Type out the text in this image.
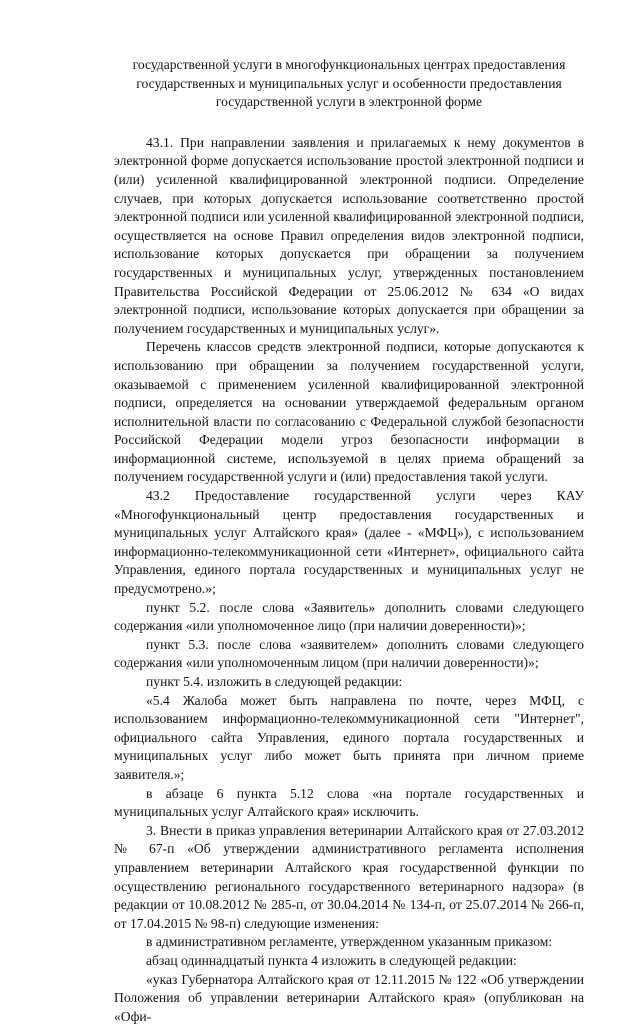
государственной услуги в многофункциональных центрах предоставления
государственных и муниципальных услуг и особенности предоставления
государственной услуги в электронной форме

43.1. При направлении заявления и прилагаемых к нему документов в электронной форме допускается использование простой электронной подписи и (или) усиленной квалифицированной электронной подписи. Определение случаев, при которых допускается использование соответственно простой электронной подписи или усиленной квалифицированной электронной подписи, осуществляется на основе Правил определения видов электронной подписи, использование которых допускается при обращении за получением государственных и муниципальных услуг, утвержденных постановлением Правительства Российской Федерации от 25.06.2012 № 634 «О видах электронной подписи, использование которых допускается при обращении за получением государственных и муниципальных услуг».

Перечень классов средств электронной подписи, которые допускаются к использованию при обращении за получением государственной услуги, оказываемой с применением усиленной квалифицированной электронной подписи, определяется на основании утверждаемой федеральным органом исполнительной власти по согласованию с Федеральной службой безопасности Российской Федерации модели угроз безопасности информации в информационной системе, используемой в целях приема обращений за получением государственной услуги и (или) предоставления такой услуги.

43.2 Предоставление государственной услуги через КАУ «Многофункциональный центр предоставления государственных и муниципальных услуг Алтайского края» (далее - «МФЦ»), с использованием информационно-телекоммуникационной сети «Интернет», официального сайта Управления, единого портала государственных и муниципальных услуг не предусмотрено.»;

пункт 5.2. после слова «Заявитель» дополнить словами следующего содержания «или уполномоченное лицо (при наличии доверенности)»;

пункт 5.3. после слова «заявителем» дополнить словами следующего содержания «или уполномоченным лицом (при наличии доверенности)»;

пункт 5.4. изложить в следующей редакции:

«5.4 Жалоба может быть направлена по почте, через МФЦ, с использованием информационно-телекоммуникационной сети "Интернет", официального сайта Управления, единого портала государственных и муниципальных услуг либо может быть принята при личном приеме заявителя.»;

в абзаце 6 пункта 5.12 слова «на портале государственных и муниципальных услуг Алтайского края» исключить.

3. Внести в приказ управления ветеринарии Алтайского края от 27.03.2012 № 67-п «Об утверждении административного регламента исполнения управлением ветеринарии Алтайского края государственной функции по осуществлению регионального государственного ветеринарного надзора» (в редакции от 10.08.2012 № 285-п, от 30.04.2014 № 134-п, от 25.07.2014 № 266-п, от 17.04.2015 № 98-п) следующие изменения:

в административном регламенте, утвержденном указанным приказом:

абзац одиннадцатый пункта 4 изложить в следующей редакции:

«указ Губернатора Алтайского края от 12.11.2015 № 122 «Об утверждении Положения об управлении ветеринарии Алтайского края» (опубликован на «Офи-
